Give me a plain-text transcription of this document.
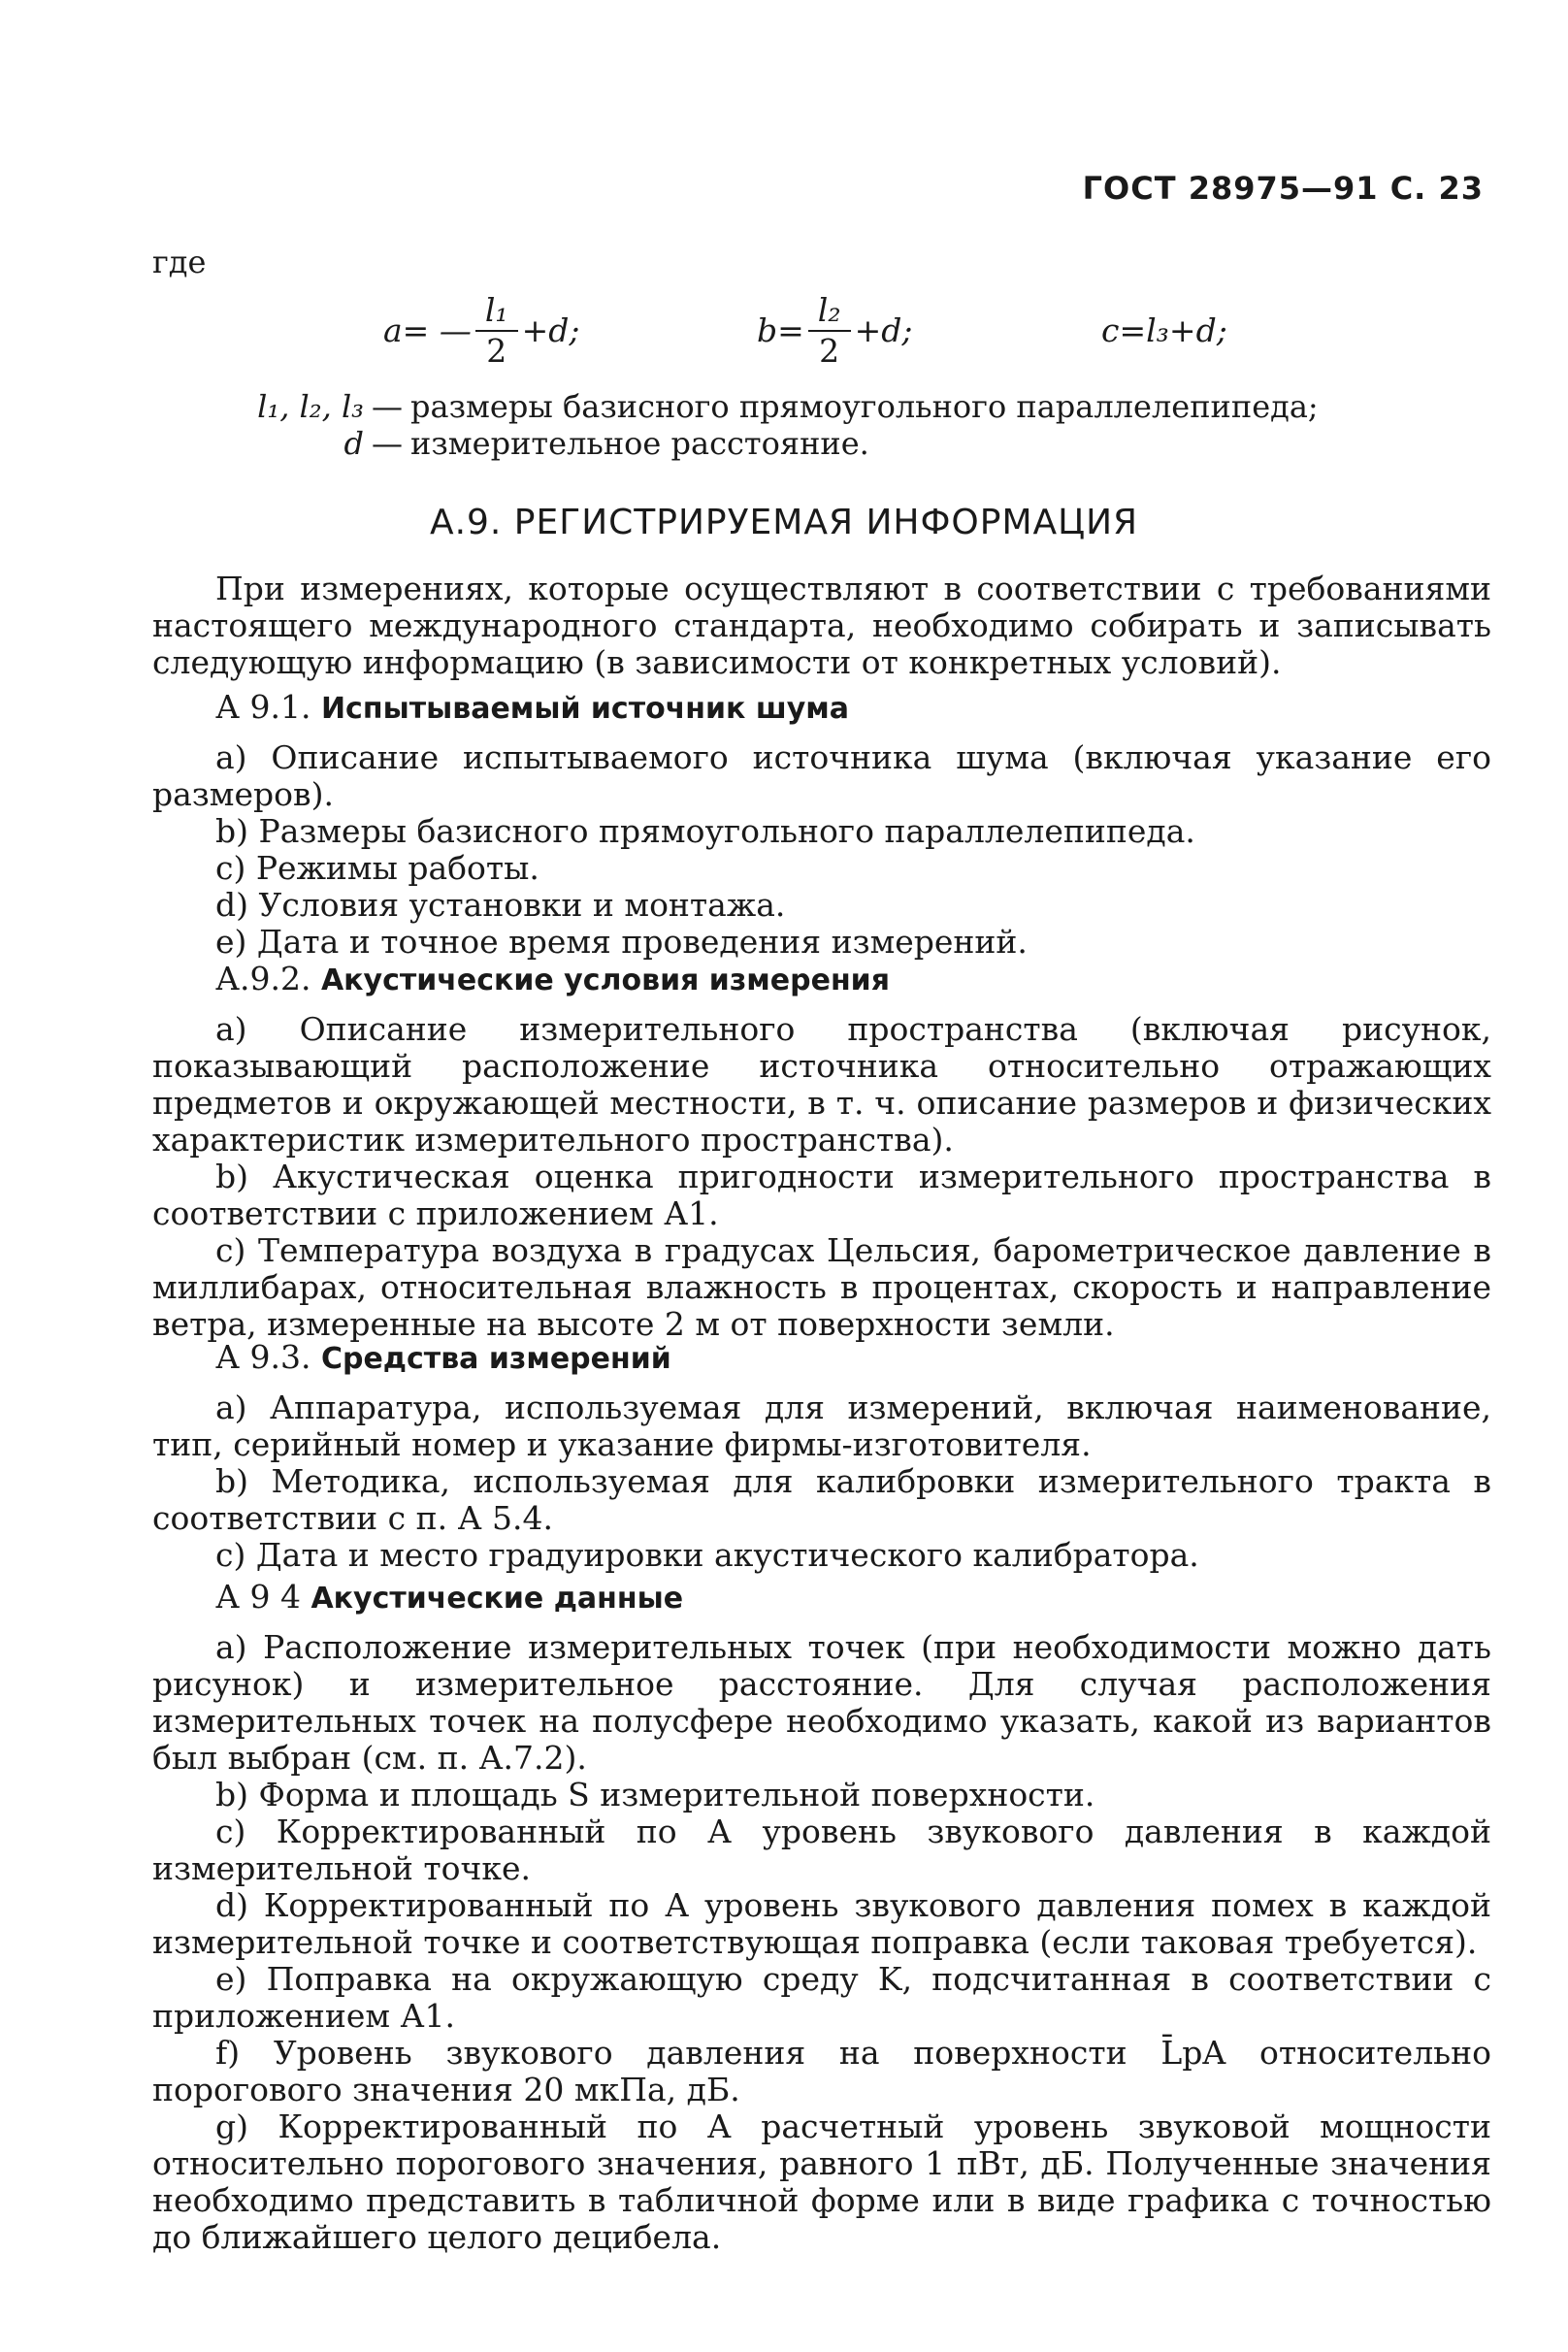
ГОСТ 28975—91 С. 23
где
a= — $\frac{\text{l₁}}{2} +d$;	$b= \frac{\text{l₂}}{2} +d$;	c=l₃+d;
l₁, l₂, l₃ — размеры базисного прямоугольного параллелепипеда;
d — измерительное расстояние.
А.9. РЕГИСТРИРУЕМАЯ ИНФОРМАЦИЯ

При измерениях, которые осуществляют в соответствии с требованиями настоящего международного стандарта, необходимо собирать и записывать следующую информацию (в зависимости от конкретных условий).

А 9.1. Испытываемый источник шума

а) Описание испытываемого источника шума (включая указание его размеров).

b) Размеры базисного прямоугольного параллелепипеда.

c) Режимы работы.

d) Условия установки и монтажа.

e) Дата и точное время проведения измерений.

А.9.2. Акустические условия измерения

а) Описание измерительного пространства (включая рисунок, показывающий расположение источника относительно отражающих предметов и окружающей местности, в т. ч. описание размеров и физических характеристик измерительного пространства).

b) Акустическая оценка пригодности измерительного пространства в соответствии с приложением А1.

c) Температура воздуха в градусах Цельсия, барометрическое давление в миллибарах, относительная влажность в процентах, скорость и направление ветра, измеренные на высоте 2 м от поверхности земли.

А 9.3. Средства измерений

а) Аппаратура, используемая для измерений, включая наименование, тип, серийный номер и указание фирмы-изготовителя.

b) Методика, используемая для калибровки измерительного тракта в соответствии с п. А 5.4.

c) Дата и место градуировки акустического калибратора.

А 9 4 Акустические данные

а) Расположение измерительных точек (при необходимости можно дать рисунок) и измерительное расстояние. Для случая расположения измерительных точек на полусфере необходимо указать, какой из вариантов был выбран (см. п. А.7.2).

b) Форма и площадь S измерительной поверхности.

c) Корректированный по А уровень звукового давления в каждой измерительной точке.

d) Корректированный по А уровень звукового давления помех в каждой измерительной точке и соответствующая поправка (если таковая требуется).

e) Поправка на окружающую среду K, подсчитанная в соответствии с приложением А1.

f) Уровень звукового давления на поверхности L̄pA относительно порогового значения 20 мкПа, дБ.

g) Корректированный по А расчетный уровень звуковой мощности относительно порогового значения, равного 1 пВт, дБ. Полученные значения необходимо представить в табличной форме или в виде графика с точностью до ближайшего целого децибела.
